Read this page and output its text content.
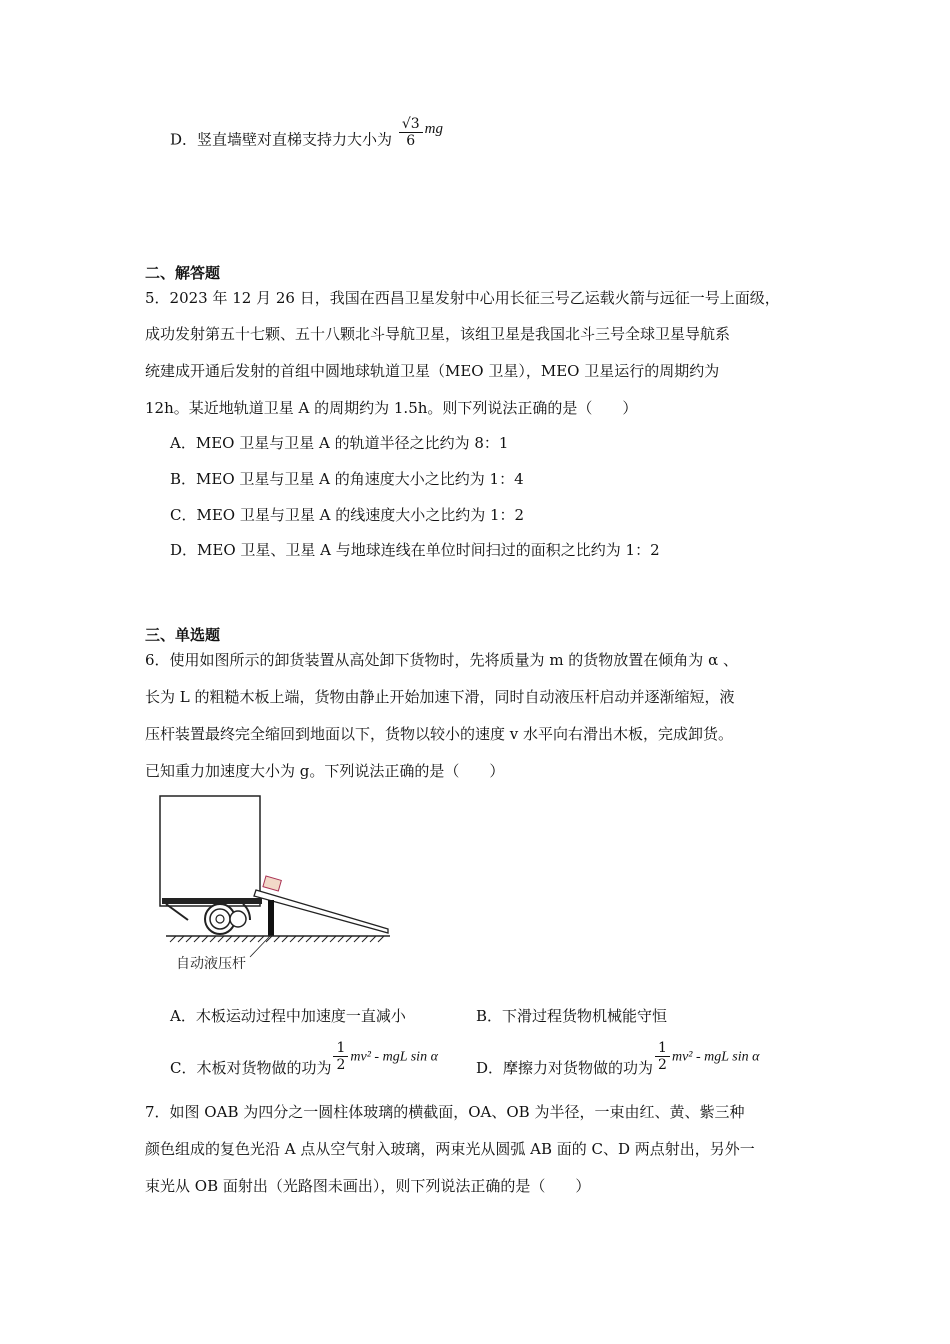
D．竖直墙壁对直梯支持力大小为 $\frac{√3}{6}$ mg
二、解答题
5．2023 年 12 月 26 日，我国在西昌卫星发射中心用长征三号乙运载火箭与远征一号上面级，
成功发射第五十七颗、五十八颗北斗导航卫星，该组卫星是我国北斗三号全球卫星导航系
统建成开通后发射的首组中圆地球轨道卫星（MEO 卫星），MEO 卫星运行的周期约为
12h。某近地轨道卫星 A 的周期约为 1.5h。则下列说法正确的是（　　）
A．MEO 卫星与卫星 A 的轨道半径之比约为 8：1
B．MEO 卫星与卫星 A 的角速度大小之比约为 1：4
C．MEO 卫星与卫星 A 的线速度大小之比约为 1：2
D．MEO 卫星、卫星 A 与地球连线在单位时间扫过的面积之比约为 1：2
三、单选题
6．使用如图所示的卸货装置从高处卸下货物时，先将质量为 m 的货物放置在倾角为 α 、
长为 L 的粗糙木板上端，货物由静止开始加速下滑，同时自动液压杆启动并逐渐缩短，液
压杆装置最终完全缩回到地面以下，货物以较小的速度 v 水平向右滑出木板，完成卸货。
已知重力加速度大小为 g。下列说法正确的是（　　）
自动液压杆
A．木板运动过程中加速度一直减小	B．下滑过程货物机械能守恒
C．木板对货物做的功为 $\frac{1}{2} mv^2$ - mgL sin α
D．摩擦力对货物做的功为 $\frac{1}{2} mv^2$ - mgL sin α
7．如图 OAB 为四分之一圆柱体玻璃的横截面，OA、OB 为半径，一束由红、黄、紫三种
颜色组成的复色光沿 A 点从空气射入玻璃，两束光从圆弧 AB 面的 C、D 两点射出，另外一
束光从 OB 面射出（光路图未画出），则下列说法正确的是（　　）
